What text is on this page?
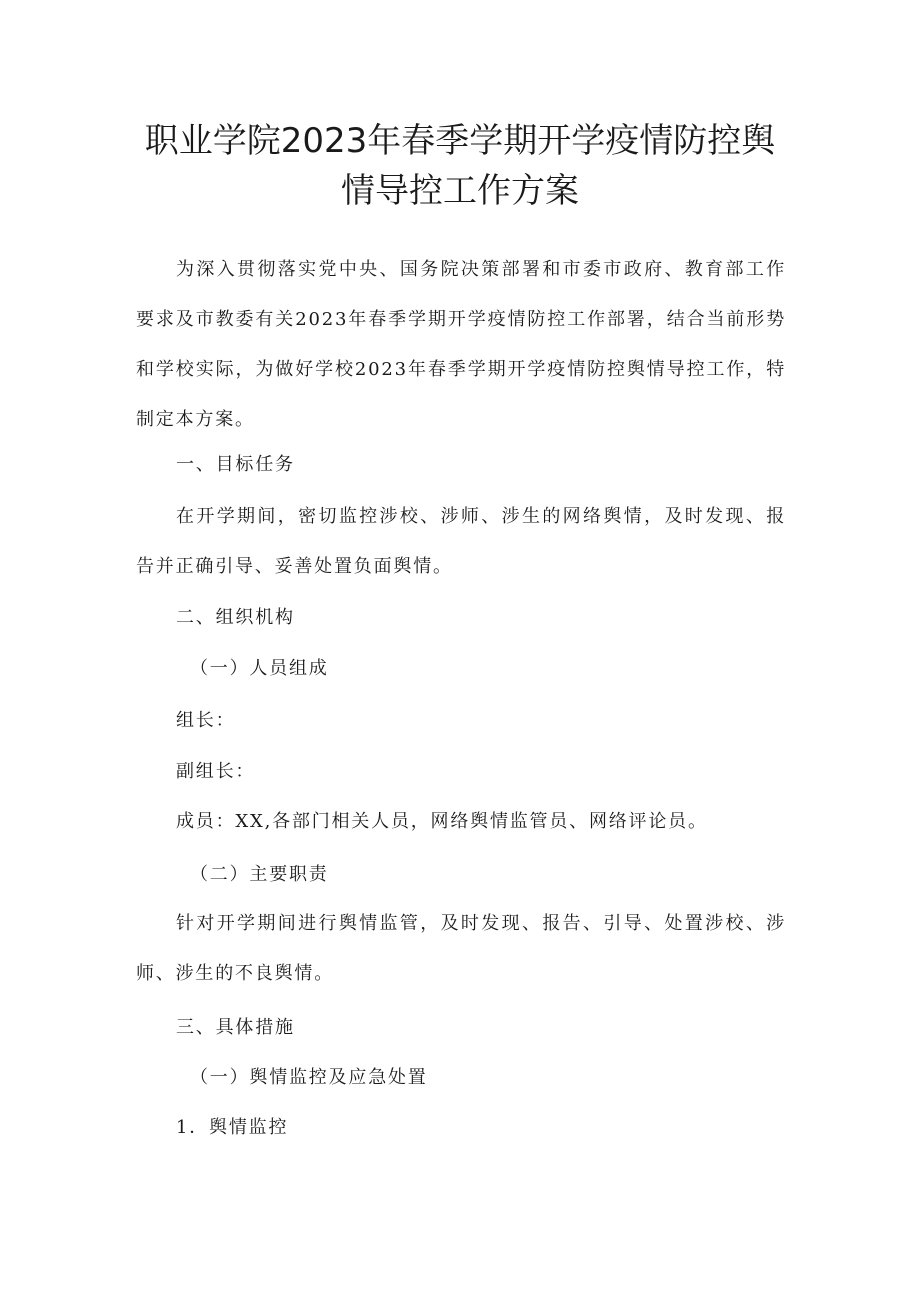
职业学院2023年春季学期开学疫情防控舆
情导控工作方案

为深入贯彻落实党中央、国务院决策部署和市委市政府、教育部工作要求及市教委有关2023年春季学期开学疫情防控工作部署，结合当前形势和学校实际，为做好学校2023年春季学期开学疫情防控舆情导控工作，特制定本方案。

一、目标任务

在开学期间，密切监控涉校、涉师、涉生的网络舆情，及时发现、报告并正确引导、妥善处置负面舆情。

二、组织机构

（一）人员组成

组长：

副组长：

成员：XX,各部门相关人员，网络舆情监管员、网络评论员。

（二）主要职责

针对开学期间进行舆情监管，及时发现、报告、引导、处置涉校、涉师、涉生的不良舆情。

三、具体措施

（一）舆情监控及应急处置

1．舆情监控
